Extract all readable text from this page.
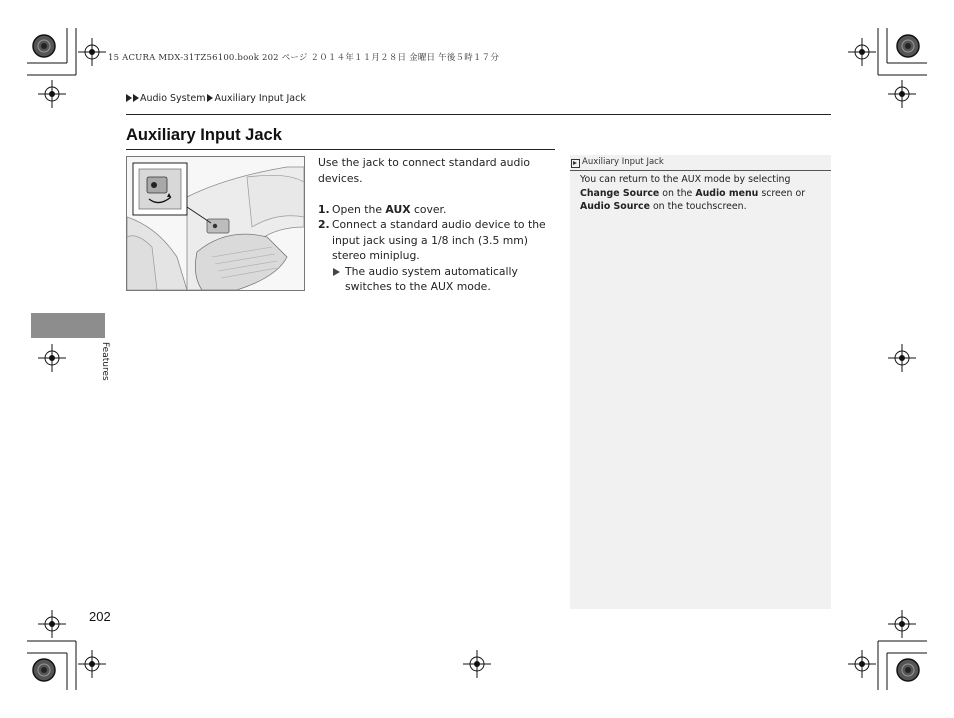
15 ACURA MDX-31TZ56100.book 202 ページ ２０１４年１１月２８日 金曜日 午後５時１７分
Audio System Auxiliary Input Jack
Auxiliary Input Jack

Use the jack to connect standard audio devices.

1. Open the AUX cover.
2. Connect a standard audio device to the input jack using a 1/8 inch (3.5 mm) stereo miniplug.
The audio system automatically switches to the AUX mode.
Auxiliary Input Jack
You can return to the AUX mode by selecting Change Source on the Audio menu screen or Audio Source on the touchscreen.
Features
202
